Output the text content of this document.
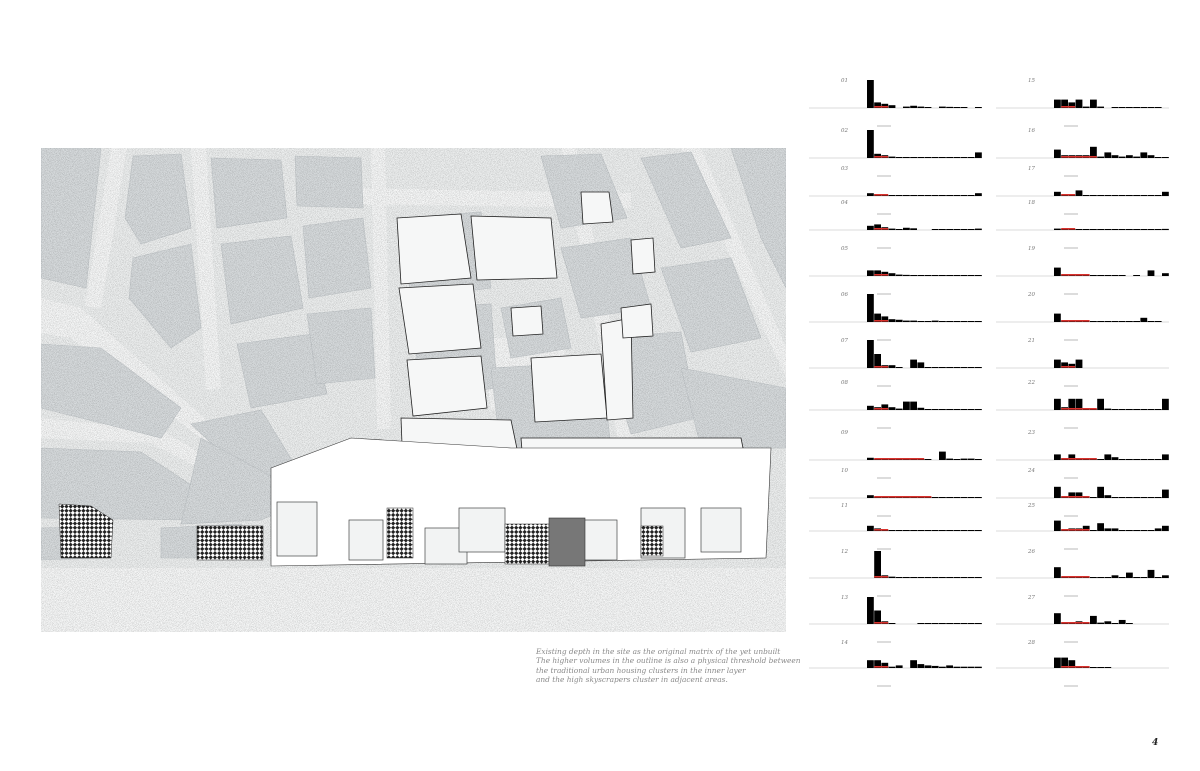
Existing depth in the site as the original matrix of the yet unbuilt
The higher volumes in the outline is also a physical threshold between
the traditional urban housing clusters in the inner layer
and the high skyscrapers cluster in adjacent areas.
4
01
02
03
04
05
06
07
08
09
10
11
12
13
14
15
16
17
18
19
20
21
22
23
24
25
26
27
28
